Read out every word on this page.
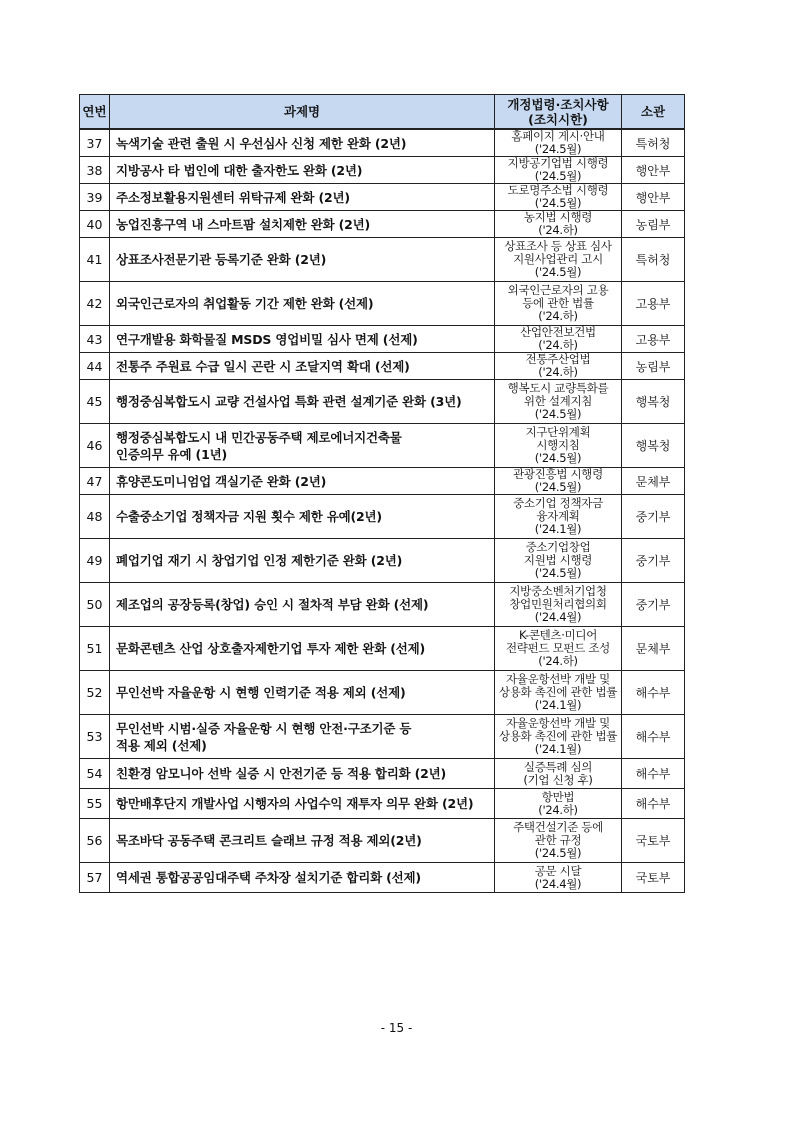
연번	과제명	개정법령·조치사항
(조치시한)	소관
37	녹색기술 관련 출원 시 우선심사 신청 제한 완화 (2년)	홈페이지 게시·안내
('24.5월)	특허청
38	지방공사 타 법인에 대한 출자한도 완화 (2년)	지방공기업법 시행령
('24.5월)	행안부
39	주소정보활용지원센터 위탁규제 완화 (2년)	도로명주소법 시행령
('24.5월)	행안부
40	농업진흥구역 내 스마트팜 설치제한 완화 (2년)	농지법 시행령
('24.하)	농림부
41	상표조사전문기관 등록기준 완화 (2년)	상표조사 등 상표 심사
지원사업관리 고시
('24.5월)	특허청
42	외국인근로자의 취업활동 기간 제한 완화 (선제)	외국인근로자의 고용
등에 관한 법률
('24.하)	고용부
43	연구개발용 화학물질 MSDS 영업비밀 심사 면제 (선제)	산업안전보건법
('24.하)	고용부
44	전통주 주원료 수급 일시 곤란 시 조달지역 확대 (선제)	전통주산업법
('24.하)	농림부
45	행정중심복합도시 교량 건설사업 특화 관련 설계기준 완화 (3년)	행복도시 교량특화를
위한 설계지침
('24.5월)	행복청
46	행정중심복합도시 내 민간공동주택 제로에너지건축물
인증의무 유예 (1년)	지구단위계획
시행지침
('24.5월)	행복청
47	휴양콘도미니엄업 객실기준 완화 (2년)	관광진흥법 시행령
('24.5월)	문체부
48	수출중소기업 정책자금 지원 횟수 제한 유예(2년)	중소기업 정책자금
융자계획
('24.1월)	중기부
49	폐업기업 재기 시 창업기업 인정 제한기준 완화 (2년)	중소기업창업
지원법 시행령
('24.5월)	중기부
50	제조업의 공장등록(창업) 승인 시 절차적 부담 완화 (선제)	지방중소벤처기업청
창업민원처리협의회
('24.4월)	중기부
51	문화콘텐츠 산업 상호출자제한기업 투자 제한 완화 (선제)	K-콘텐츠·미디어
전략펀드 모펀드 조성
('24.하)	문체부
52	무인선박 자율운항 시 현행 인력기준 적용 제외 (선제)	자율운항선박 개발 및
상용화 촉진에 관한 법률
('24.1월)	해수부
53	무인선박 시범·실증 자율운항 시 현행 안전·구조기준 등
적용 제외 (선제)	자율운항선박 개발 및
상용화 촉진에 관한 법률
('24.1월)	해수부
54	친환경 암모니아 선박 실증 시 안전기준 등 적용 합리화 (2년)	실증특례 심의
(기업 신청 후)	해수부
55	항만배후단지 개발사업 시행자의 사업수익 재투자 의무 완화 (2년)	항만법
('24.하)	해수부
56	목조바닥 공동주택 콘크리트 슬래브 규정 적용 제외(2년)	주택건설기준 등에
관한 규정
('24.5월)	국토부
57	역세권 통합공공임대주택 주차장 설치기준 합리화 (선제)	공문 시달
('24.4월)	국토부
- 15 -
